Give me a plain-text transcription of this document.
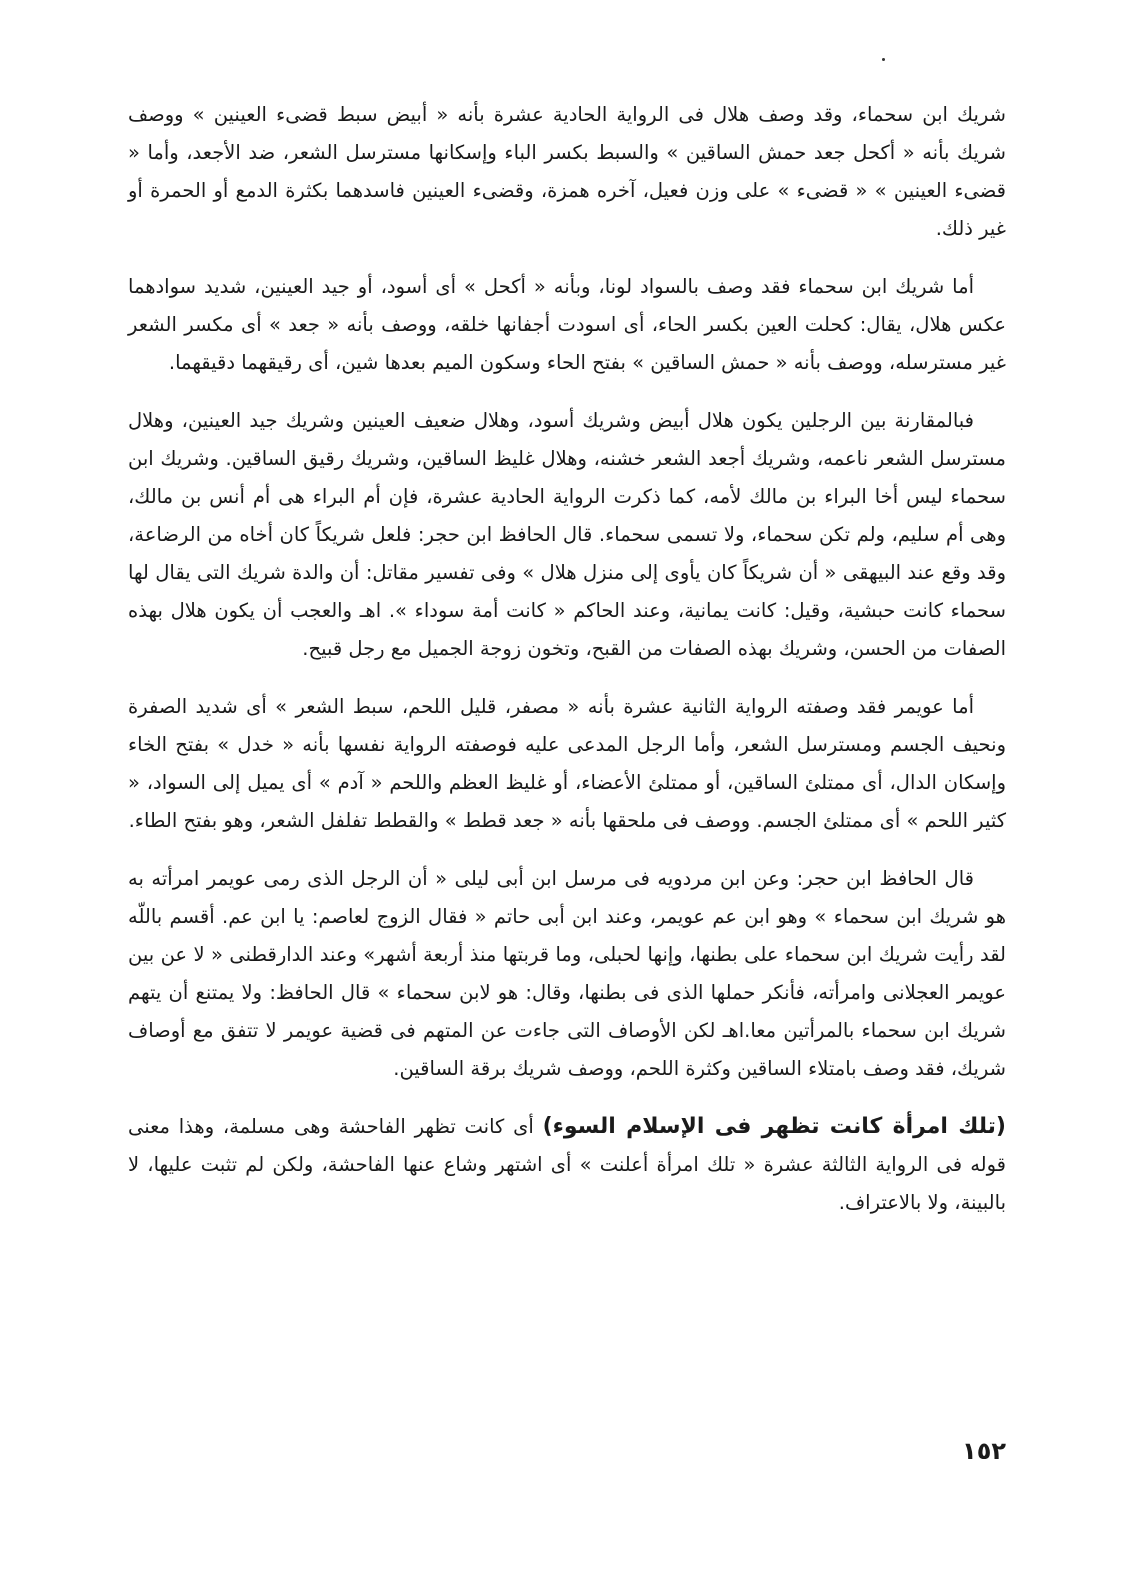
شريك ابن سحماء، وقد وصف هلال فى الرواية الحادية عشرة بأنه « أبيض سبط قضىء العينين » ووصف شريك بأنه « أكحل جعد حمش الساقين » والسبط بكسر الباء وإسكانها مسترسل الشعر، ضد الأجعد، وأما « قضىء العينين » « قضىء » على وزن فعيل، آخره همزة، وقضىء العينين فاسدهما بكثرة الدمع أو الحمرة أو غير ذلك.

أما شريك ابن سحماء فقد وصف بالسواد لونا، وبأنه « أكحل » أى أسود، أو جيد العينين، شديد سوادهما عكس هلال، يقال: كحلت العين بكسر الحاء، أى اسودت أجفانها خلقه، ووصف بأنه « جعد » أى مكسر الشعر غير مسترسله، ووصف بأنه « حمش الساقين » بفتح الحاء وسكون الميم بعدها شين، أى رقيقهما دقيقهما.

فبالمقارنة بين الرجلين يكون هلال أبيض وشريك أسود، وهلال ضعيف العينين وشريك جيد العينين، وهلال مسترسل الشعر ناعمه، وشريك أجعد الشعر خشنه، وهلال غليظ الساقين، وشريك رقيق الساقين. وشريك ابن سحماء ليس أخا البراء بن مالك لأمه، كما ذكرت الرواية الحادية عشرة، فإن أم البراء هى أم أنس بن مالك، وهى أم سليم، ولم تكن سحماء، ولا تسمى سحماء. قال الحافظ ابن حجر: فلعل شريكاً كان أخاه من الرضاعة، وقد وقع عند البيهقى « أن شريكاً كان يأوى إلى منزل هلال » وفى تفسير مقاتل: أن والدة شريك التى يقال لها سحماء كانت حبشية، وقيل: كانت يمانية، وعند الحاكم « كانت أمة سوداء ». اهـ والعجب أن يكون هلال بهذه الصفات من الحسن، وشريك بهذه الصفات من القبح، وتخون زوجة الجميل مع رجل قبيح.

أما عويمر فقد وصفته الرواية الثانية عشرة بأنه « مصفر، قليل اللحم، سبط الشعر » أى شديد الصفرة ونحيف الجسم ومسترسل الشعر، وأما الرجل المدعى عليه فوصفته الرواية نفسها بأنه « خدل » بفتح الخاء وإسكان الدال، أى ممتلئ الساقين، أو ممتلئ الأعضاء، أو غليظ العظم واللحم « آدم » أى يميل إلى السواد، « كثير اللحم » أى ممتلئ الجسم. ووصف فى ملحقها بأنه « جعد قطط » والقطط تفلفل الشعر، وهو بفتح الطاء.

قال الحافظ ابن حجر: وعن ابن مردويه فى مرسل ابن أبى ليلى « أن الرجل الذى رمى عويمر امرأته به هو شريك ابن سحماء » وهو ابن عم عويمر، وعند ابن أبى حاتم « فقال الزوج لعاصم: يا ابن عم. أقسم باللّه لقد رأيت شريك ابن سحماء على بطنها، وإنها لحبلى، وما قربتها منذ أربعة أشهر» وعند الدارقطنى « لا عن بين عويمر العجلانى وامرأته، فأنكر حملها الذى فى بطنها، وقال: هو لابن سحماء » قال الحافظ: ولا يمتنع أن يتهم شريك ابن سحماء بالمرأتين معا.اهـ لكن الأوصاف التى جاءت عن المتهم فى قضية عويمر لا تتفق مع أوصاف شريك، فقد وصف بامتلاء الساقين وكثرة اللحم، ووصف شريك برقة الساقين.

(تلك امرأة كانت تظهر فى الإسلام السوء) أى كانت تظهر الفاحشة وهى مسلمة، وهذا معنى قوله فى الرواية الثالثة عشرة « تلك امرأة أعلنت » أى اشتهر وشاع عنها الفاحشة، ولكن لم تثبت عليها، لا بالبينة، ولا بالاعتراف.

١٥٢
